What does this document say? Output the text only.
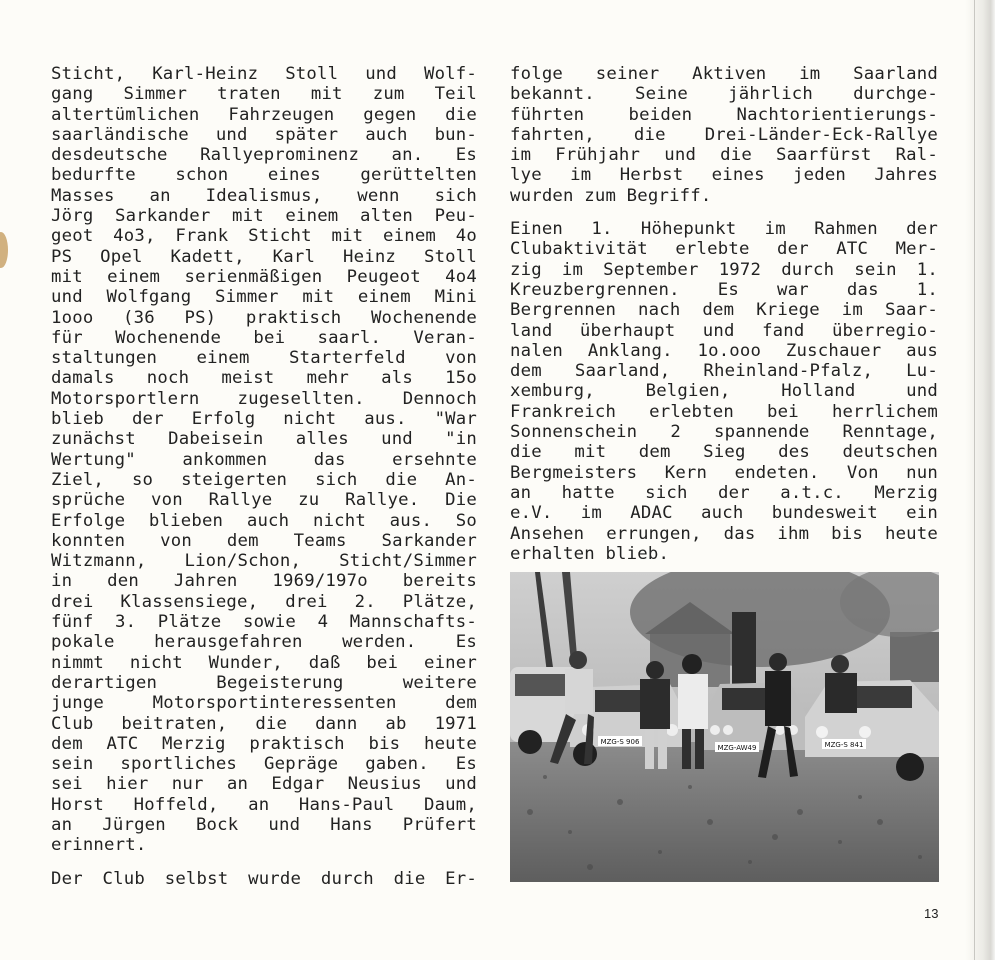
Sticht, Karl-Heinz Stoll und Wolf-

gang Simmer traten mit zum Teil

altertümlichen Fahrzeugen gegen die

saarländische und später auch bun-

desdeutsche Rallyeprominenz an. Es

bedurfte schon eines gerüttelten

Masses an Idealismus, wenn sich

Jörg Sarkander mit einem alten Peu-

geot 4o3, Frank Sticht mit einem 4o

PS Opel Kadett, Karl Heinz Stoll

mit einem serienmäßigen Peugeot 4o4

und Wolfgang Simmer mit einem Mini

1ooo (36 PS) praktisch Wochenende

für Wochenende bei saarl. Veran-

staltungen einem Starterfeld von

damals noch meist mehr als 15o

Motorsportlern zugesellten. Dennoch

blieb der Erfolg nicht aus. "War

zunächst Dabeisein alles und "in

Wertung" ankommen das ersehnte

Ziel, so steigerten sich die An-

sprüche von Rallye zu Rallye. Die

Erfolge blieben auch nicht aus. So

konnten von dem Teams Sarkander

Witzmann, Lion/Schon, Sticht/Simmer

in den Jahren 1969/197o bereits

drei Klassensiege, drei 2. Plätze,

fünf 3. Plätze sowie 4 Mannschafts-

pokale herausgefahren werden. Es

nimmt nicht Wunder, daß bei einer

derartigen Begeisterung weitere

junge Motorsportinteressenten dem

Club beitraten, die dann ab 1971

dem ATC Merzig praktisch bis heute

sein sportliches Gepräge gaben. Es

sei hier nur an Edgar Neusius und

Horst Hoffeld, an Hans-Paul Daum,

an Jürgen Bock und Hans Prüfert

erinnert.

Der Club selbst wurde durch die Er-

folge seiner Aktiven im Saarland

bekannt. Seine jährlich durchge-

führten beiden Nachtorientierungs-

fahrten, die Drei-Länder-Eck-Rallye

im Frühjahr und die Saarfürst Ral-

lye im Herbst eines jeden Jahres

wurden zum Begriff.

Einen 1. Höhepunkt im Rahmen der

Clubaktivität erlebte der ATC Mer-

zig im September 1972 durch sein 1.

Kreuzbergrennen. Es war das 1.

Bergrennen nach dem Kriege im Saar-

land überhaupt und fand überregio-

nalen Anklang. 1o.ooo Zuschauer aus

dem Saarland, Rheinland-Pfalz, Lu-

xemburg, Belgien, Holland und

Frankreich erlebten bei herrlichem

Sonnenschein 2 spannende Renntage,

die mit dem Sieg des deutschen

Bergmeisters Kern endeten. Von nun

an hatte sich der a.t.c. Merzig

e.V. im ADAC auch bundesweit ein

Ansehen errungen, das ihm bis heute

erhalten blieb.

MZG-S 906
MZG-AW49	MZG-S 841
13
